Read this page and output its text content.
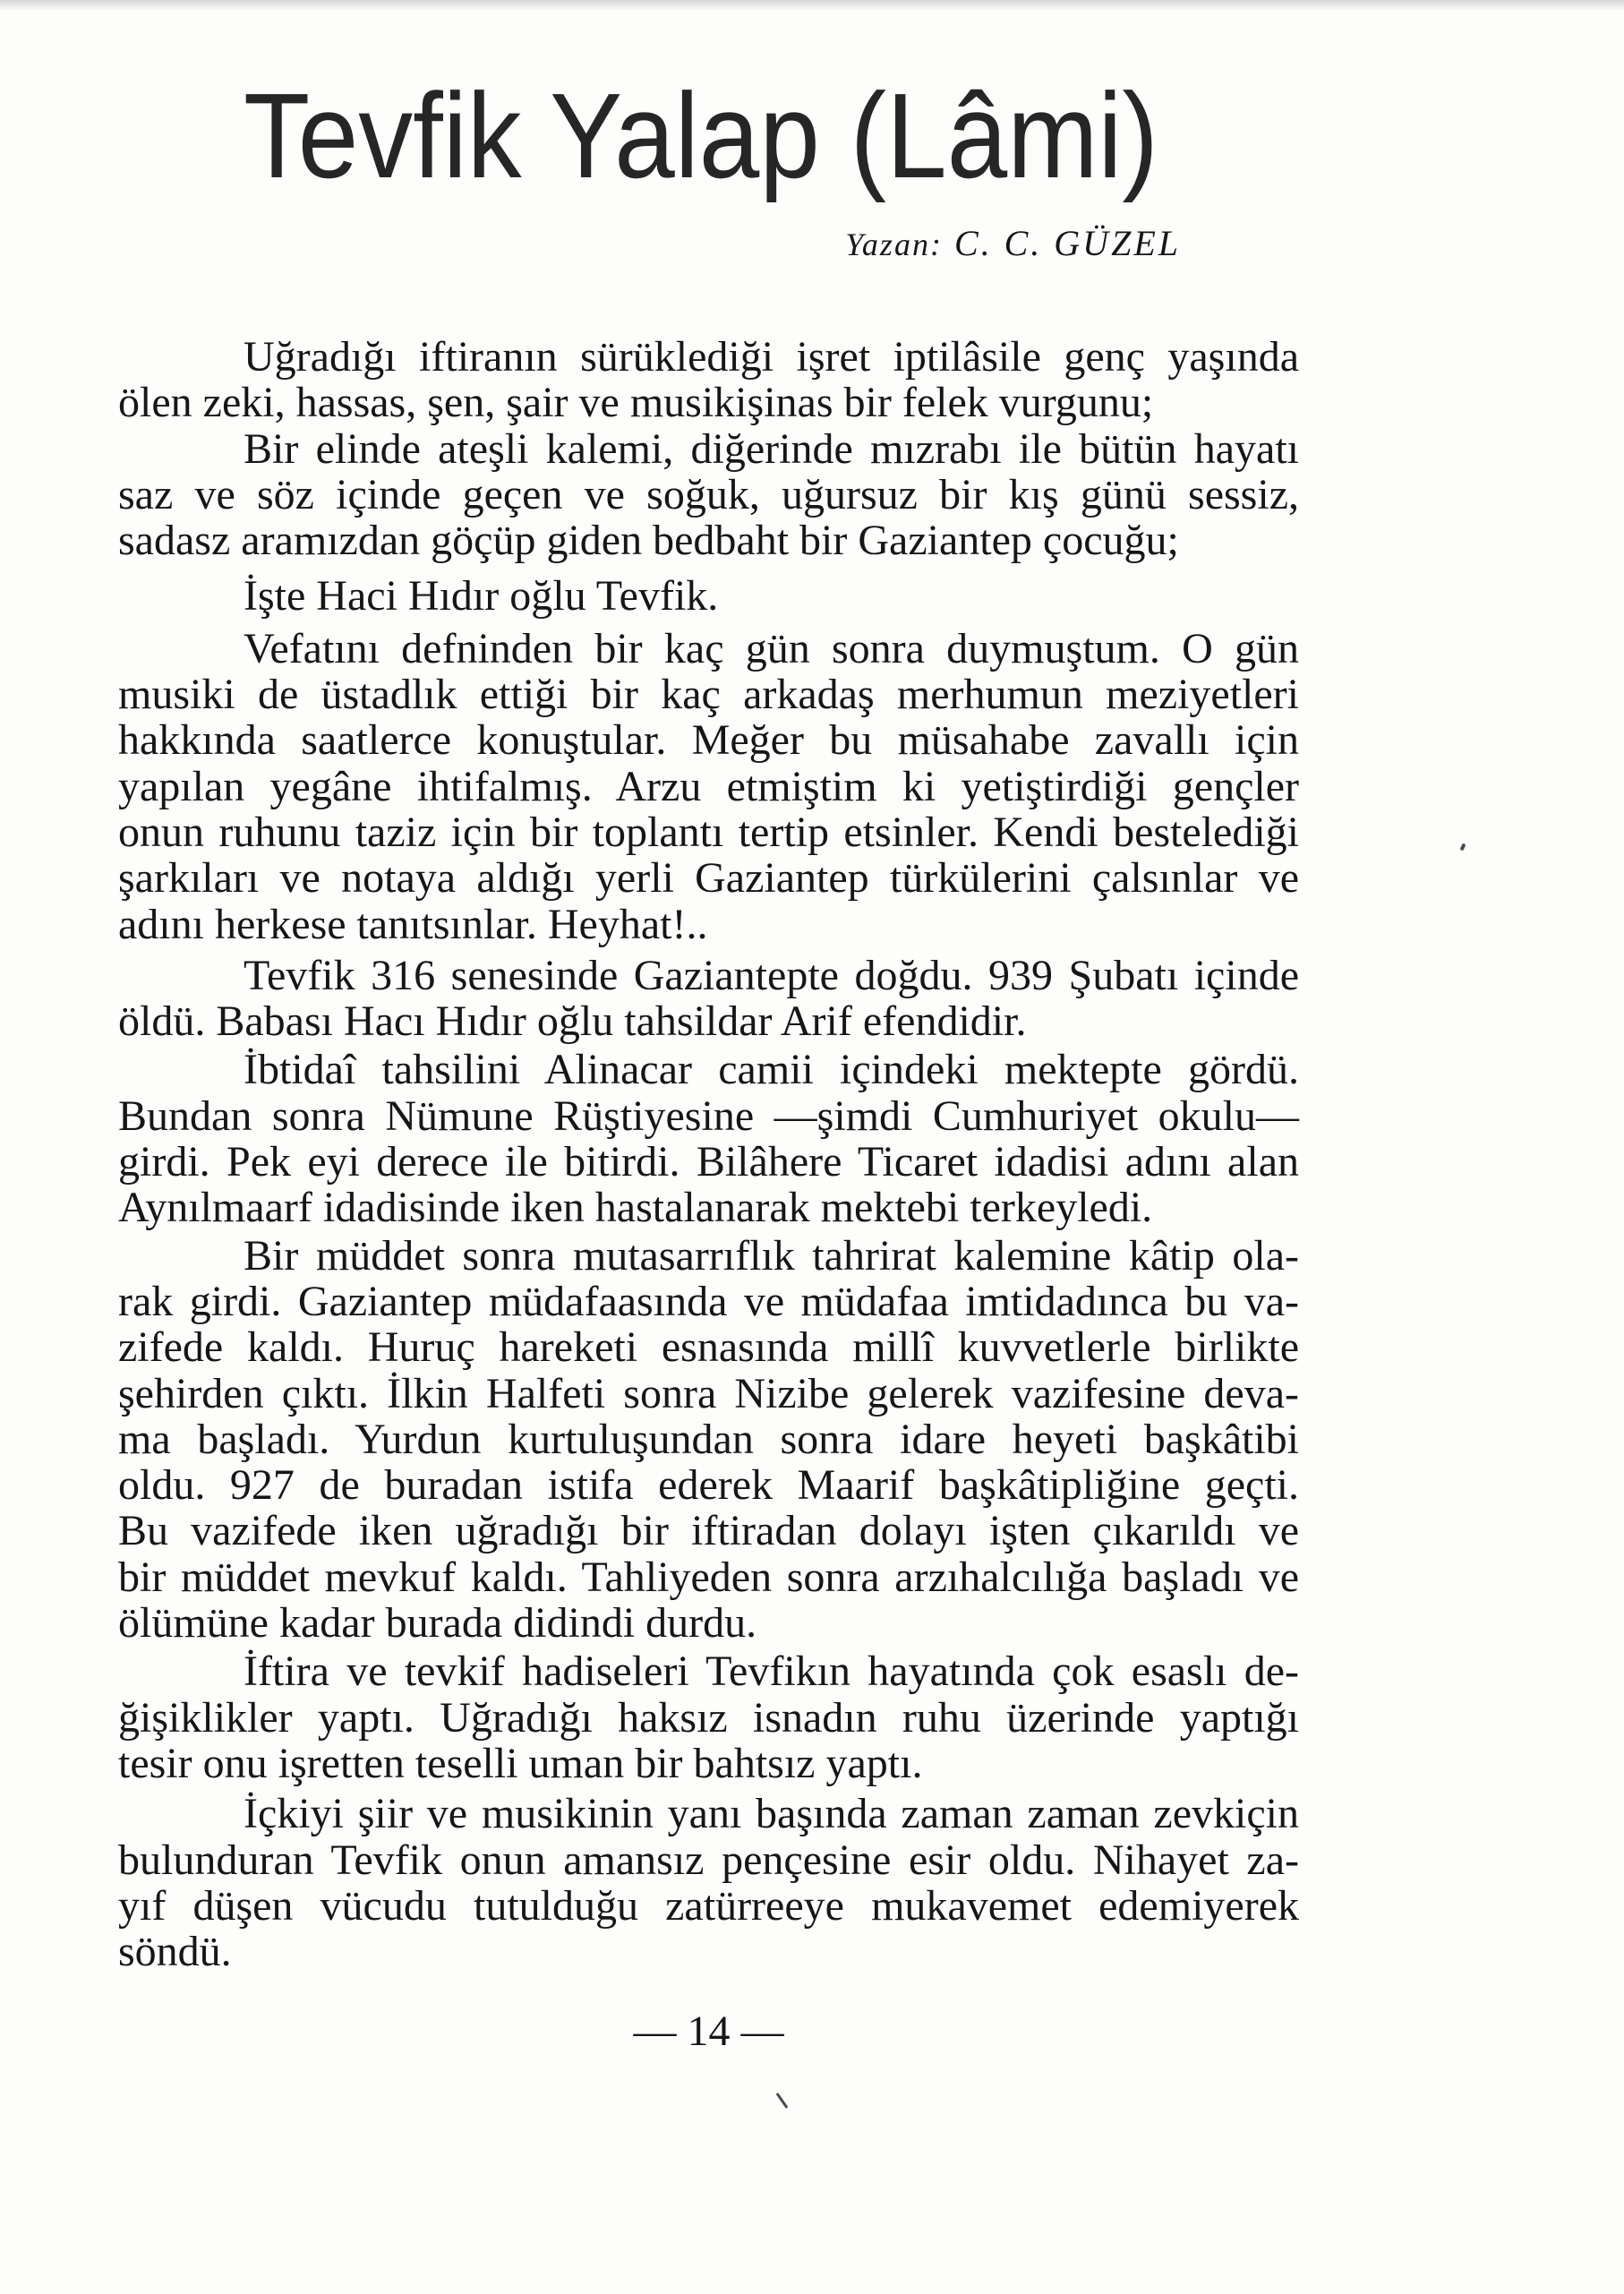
Tevfik Yalap (Lâmi)
Yazan: C. C. GÜZEL
Uğradığı iftiranın sürüklediği işret iptilâsile genç yaşında
ölen zeki, hassas, şen, şair ve musikişinas bir felek vurgunu;
Bir elinde ateşli kalemi, diğerinde mızrabı ile bütün hayatı
saz ve söz içinde geçen ve soğuk, uğursuz bir kış günü sessiz,
sadasz aramızdan göçüp giden bedbaht bir Gaziantep çocuğu;
İşte Haci Hıdır oğlu Tevfik.
Vefatını defninden bir kaç gün sonra duymuştum. O gün
musiki de üstadlık ettiği bir kaç arkadaş merhumun meziyetleri
hakkında saatlerce konuştular. Meğer bu müsahabe zavallı için
yapılan yegâne ihtifalmış. Arzu etmiştim ki yetiştirdiği gençler
onun ruhunu taziz için bir toplantı tertip etsinler. Kendi bestelediği
şarkıları ve notaya aldığı yerli Gaziantep türkülerini çalsınlar ve
adını herkese tanıtsınlar. Heyhat!..
Tevfik 316 senesinde Gaziantepte doğdu. 939 Şubatı içinde
öldü. Babası Hacı Hıdır oğlu tahsildar Arif efendidir.
İbtidaî tahsilini Alinacar camii içindeki mektepte gördü.
Bundan sonra Nümune Rüştiyesine —şimdi Cumhuriyet okulu—
girdi. Pek eyi derece ile bitirdi. Bilâhere Ticaret idadisi adını alan
Aynılmaarf idadisinde iken hastalanarak mektebi terkeyledi.
Bir müddet sonra mutasarrıflık tahrirat kalemine kâtip ola-
rak girdi. Gaziantep müdafaasında ve müdafaa imtidadınca bu va-
zifede kaldı. Huruç hareketi esnasında millî kuvvetlerle birlikte
şehirden çıktı. İlkin Halfeti sonra Nizibe gelerek vazifesine deva-
ma başladı. Yurdun kurtuluşundan sonra idare heyeti başkâtibi
oldu. 927 de buradan istifa ederek Maarif başkâtipliğine geçti.
Bu vazifede iken uğradığı bir iftiradan dolayı işten çıkarıldı ve
bir müddet mevkuf kaldı. Tahliyeden sonra arzıhalcılığa başladı ve
ölümüne kadar burada didindi durdu.
İftira ve tevkif hadiseleri Tevfikın hayatında çok esaslı de-
ğişiklikler yaptı. Uğradığı haksız isnadın ruhu üzerinde yaptığı
tesir onu işretten teselli uman bir bahtsız yaptı.
İçkiyi şiir ve musikinin yanı başında zaman zaman zevkiçin
bulunduran Tevfik onun amansız pençesine esir oldu. Nihayet za-
yıf düşen vücudu tutulduğu zatürreeye mukavemet edemiyerek
söndü.
— 14 —
